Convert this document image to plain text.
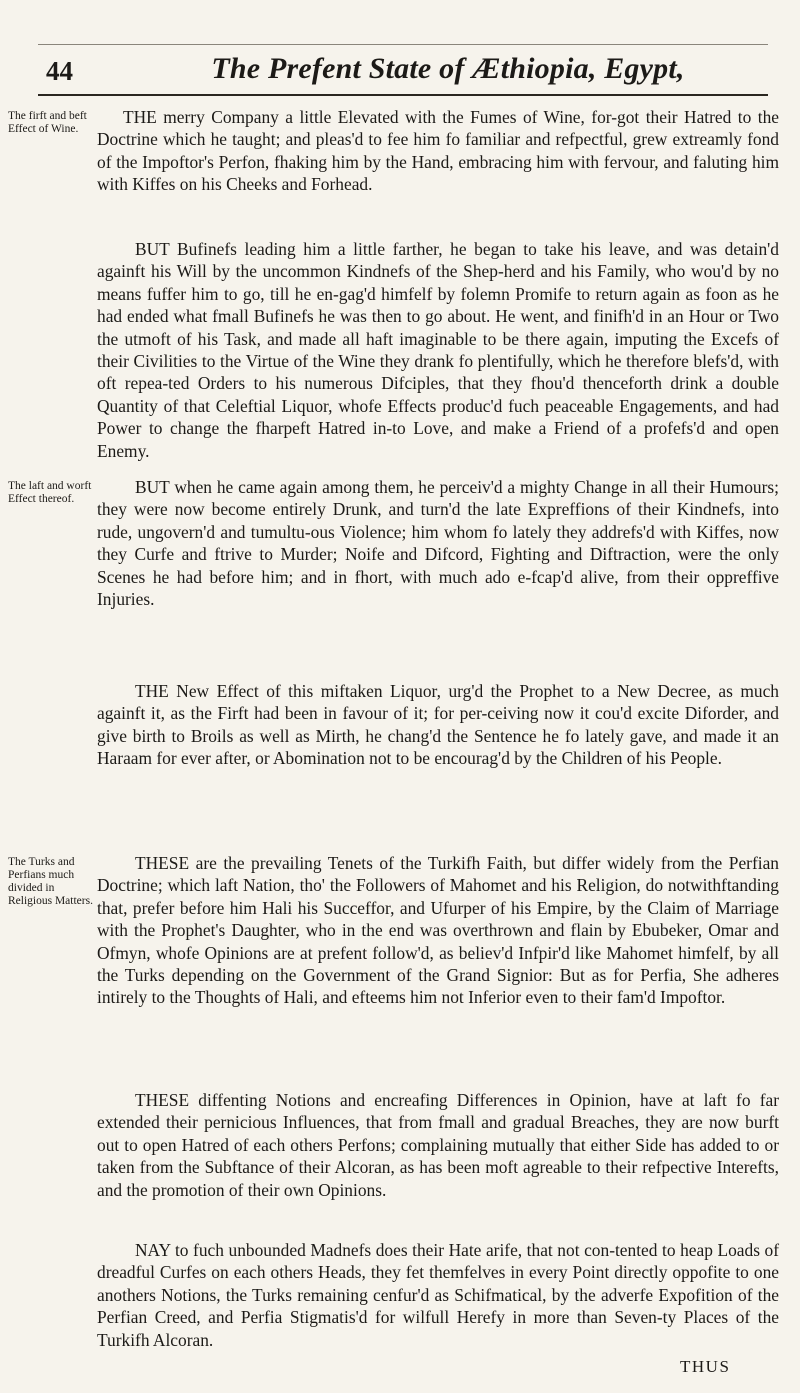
44	The Prefent State of Æthiopia, Egypt,
The firft and beft Effect of Wine.
The laft and worft Effect thereof.
The Turks and Perfians much divided in Religious Matters.

THE merry Company a little Elevated with the Fumes of Wine, for-got their Hatred to the Doctrine which he taught; and pleas'd to fee him fo familiar and refpectful, grew extreamly fond of the Impoftor's Perfon, fhaking him by the Hand, embracing him with fervour, and faluting him with Kiffes on his Cheeks and Forhead.

BUT Bufinefs leading him a little farther, he began to take his leave, and was detain'd againft his Will by the uncommon Kindnefs of the Shep-herd and his Family, who wou'd by no means fuffer him to go, till he en-gag'd himfelf by folemn Promife to return again as foon as he had ended what fmall Bufinefs he was then to go about. He went, and finifh'd in an Hour or Two the utmoft of his Task, and made all haft imaginable to be there again, imputing the Excefs of their Civilities to the Virtue of the Wine they drank fo plentifully, which he therefore blefs'd, with oft repea-ted Orders to his numerous Difciples, that they fhou'd thenceforth drink a double Quantity of that Celeftial Liquor, whofe Effects produc'd fuch peaceable Engagements, and had Power to change the fharpeft Hatred in-to Love, and make a Friend of a profefs'd and open Enemy.

BUT when he came again among them, he perceiv'd a mighty Change in all their Humours; they were now become entirely Drunk, and turn'd the late Expreffions of their Kindnefs, into rude, ungovern'd and tumultu-ous Violence; him whom fo lately they addrefs'd with Kiffes, now they Curfe and ftrive to Murder; Noife and Difcord, Fighting and Diftraction, were the only Scenes he had before him; and in fhort, with much ado e-fcap'd alive, from their oppreffive Injuries.

THE New Effect of this miftaken Liquor, urg'd the Prophet to a New Decree, as much againft it, as the Firft had been in favour of it; for per-ceiving now it cou'd excite Diforder, and give birth to Broils as well as Mirth, he chang'd the Sentence he fo lately gave, and made it an Haraam for ever after, or Abomination not to be encourag'd by the Children of his People.

THESE are the prevailing Tenets of the Turkifh Faith, but differ widely from the Perfian Doctrine; which laft Nation, tho' the Followers of Mahomet and his Religion, do notwithftanding that, prefer before him Hali his Succeffor, and Ufurper of his Empire, by the Claim of Marriage with the Prophet's Daughter, who in the end was overthrown and flain by Ebubeker, Omar and Ofmyn, whofe Opinions are at prefent follow'd, as believ'd Infpir'd like Mahomet himfelf, by all the Turks depending on the Government of the Grand Signior: But as for Perfia, She adheres intirely to the Thoughts of Hali, and efteems him not Inferior even to their fam'd Impoftor.

THESE diffenting Notions and encreafing Differences in Opinion, have at laft fo far extended their pernicious Influences, that from fmall and gradual Breaches, they are now burft out to open Hatred of each others Perfons; complaining mutually that either Side has added to or taken from the Subftance of their Alcoran, as has been moft agreable to their refpective Interefts, and the promotion of their own Opinions.

NAY to fuch unbounded Madnefs does their Hate arife, that not con-tented to heap Loads of dreadful Curfes on each others Heads, they fet themfelves in every Point directly oppofite to one anothers Notions, the Turks remaining cenfur'd as Schifmatical, by the adverfe Expofition of the Perfian Creed, and Perfia Stigmatis'd for wilfull Herefy in more than Seven-ty Places of the Turkifh Alcoran.

THUS
